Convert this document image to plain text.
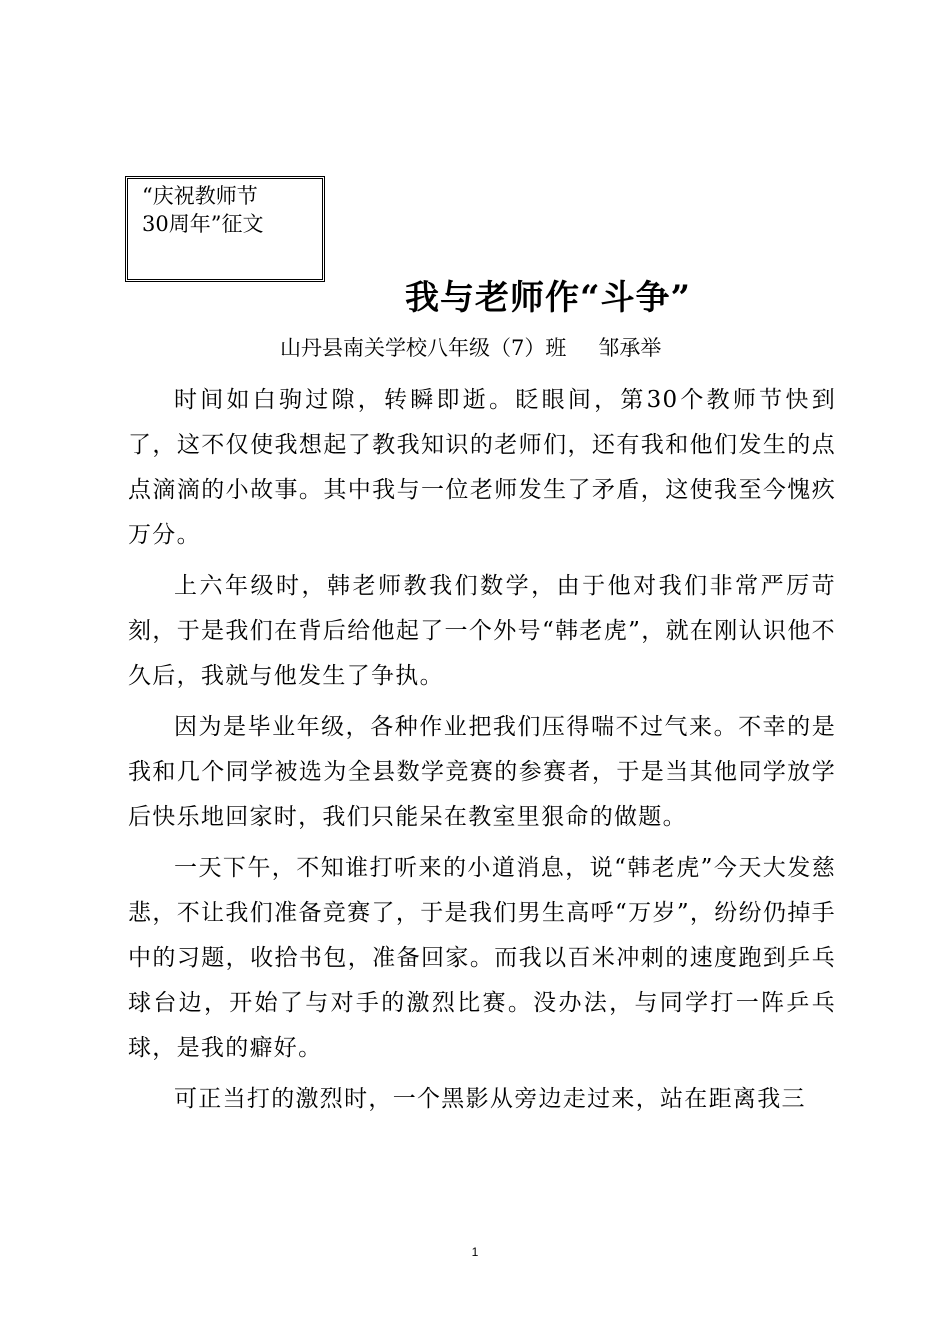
“庆祝教师节
30周年”征文
我与老师作“斗争”
山丹县南关学校八年级（7）班 邹承举

时间如白驹过隙，转瞬即逝。眨眼间，第30个教师节快到了，这不仅使我想起了教我知识的老师们，还有我和他们发生的点点滴滴的小故事。其中我与一位老师发生了矛盾，这使我至今愧疚万分。

上六年级时，韩老师教我们数学，由于他对我们非常严厉苛刻，于是我们在背后给他起了一个外号“韩老虎”，就在刚认识他不久后，我就与他发生了争执。

因为是毕业年级，各种作业把我们压得喘不过气来。不幸的是我和几个同学被选为全县数学竞赛的参赛者，于是当其他同学放学后快乐地回家时，我们只能呆在教室里狠命的做题。

一天下午，不知谁打听来的小道消息，说“韩老虎”今天大发慈悲，不让我们准备竞赛了，于是我们男生高呼“万岁”，纷纷仍掉手中的习题，收拾书包，准备回家。而我以百米冲刺的速度跑到乒乓球台边，开始了与对手的激烈比赛。没办法，与同学打一阵乒乓球，是我的癖好。

可正当打的激烈时，一个黑影从旁边走过来，站在距离我三

1
